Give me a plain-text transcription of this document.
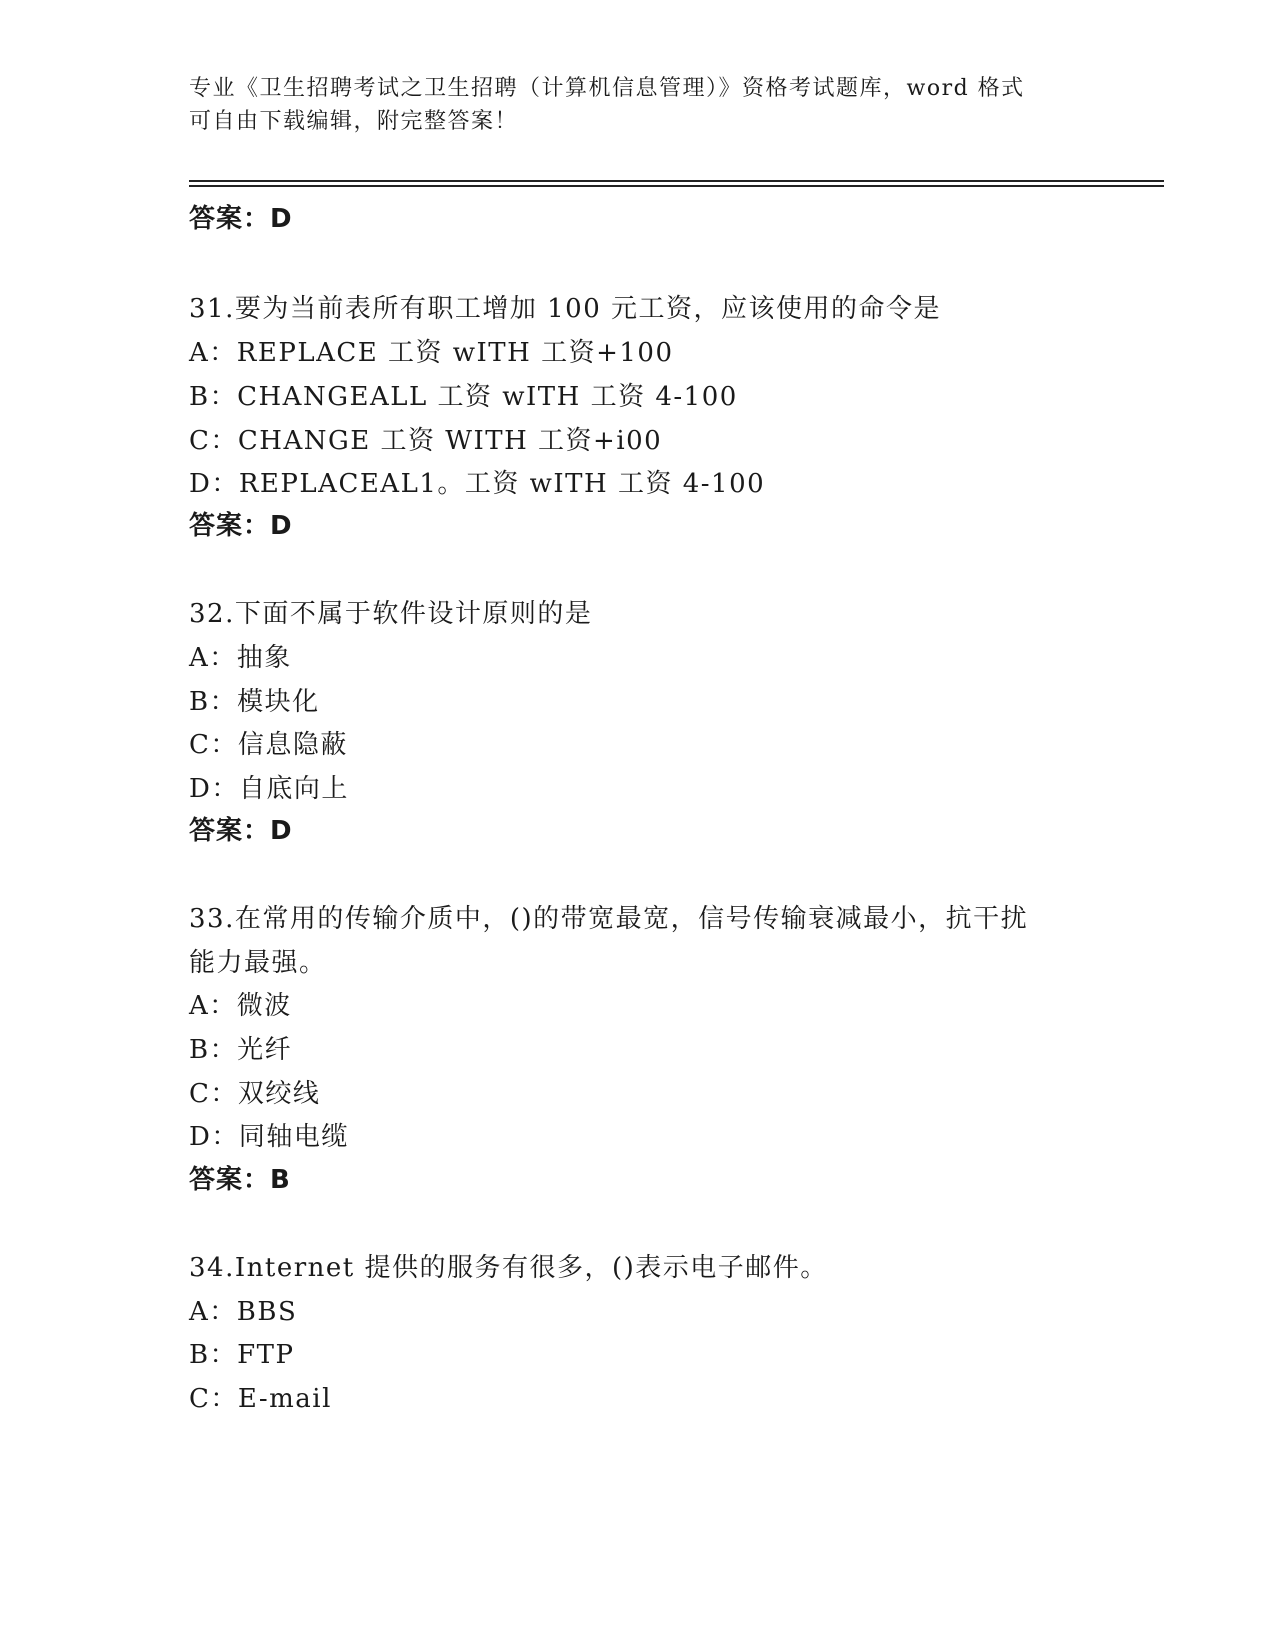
专业《卫生招聘考试之卫生招聘（计算机信息管理）》资格考试题库，word 格式
可自由下载编辑，附完整答案！
答案：D
31.要为当前表所有职工增加 100 元工资，应该使用的命令是
A：REPLACE 工资 wITH 工资+100
B：CHANGEALL 工资 wITH 工资 4-100
C：CHANGE 工资 WITH 工资+i00
D：REPLACEAL1。工资 wITH 工资 4-100
答案：D
32.下面不属于软件设计原则的是
A：抽象
B：模块化
C：信息隐蔽
D：自底向上
答案：D
33.在常用的传输介质中，()的带宽最宽，信号传输衰减最小，抗干扰
能力最强。
A：微波
B：光纤
C：双绞线
D：同轴电缆
答案：B
34.Internet 提供的服务有很多，()表示电子邮件。
A：BBS
B：FTP
C：E-mail
